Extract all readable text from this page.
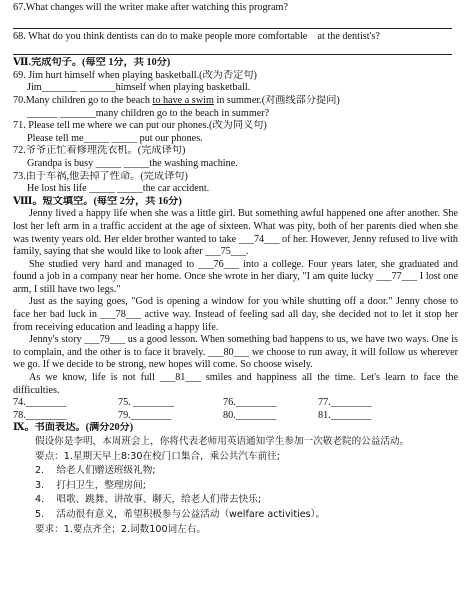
67.What changes will the writer make after watching this program?
68. What do you think dentists can do to make people more comfortable    at the dentist's?
Ⅶ.完成句子。(每空 1分，共 10分)
69. Jim hurt himself when playing basketball.(改为否定句)
Jim_______ _______himself when playing basketball.
70.Many children go to the beach to have a swim in summer.(对画线部分提问)
______ _______many children go to the beach in summer?
71. Please tell me where we can put our phones.(改为同义句)
Please tell me_____ _____ put our phones.
72.爷爷正忙着修理洗衣机。(完成译句)
Grandpa is busy _____ _____the washing machine.
73.由于车祸,他丢掉了性命。(完成译句)
He lost his life _____ _____the car accident.
Ⅷ。短文填空。(每空 2分，共 16分)

Jenny lived a happy life when she was a little girl. But something awful happened one after another. She lost her left arm in a traffic accident at the age of sixteen. What was pity, both of her parents died when she was twenty years old. Her elder brother wanted to take ___74___ of her. However, Jenny refused to live with family, saying that she would like to look after ___75___.

She studied very hard and managed to ___76___ into a college. Four years later, she graduated and found a job in a company near her home. Once she wrote in her diary, "I am quite lucky ___77___ I lost one arm, I still have two legs."

Just as the saying goes, "God is opening a window for you while shutting off a door." Jenny chose to face her bad luck in ___78___ active way. Instead of feeling sad all day, she decided not to let it stop her from receiving education and leading a happy life.

Jenny's story ___79___ us a good lesson. When something bad happens to us, we have two ways. One is to complain, and the other is to face it bravely. ___80___ we choose to run away, it will follow us wherever we go. If we decide to be strong, new hopes will come. So choose wisely.

As we know, life is not full ___81___ smiles and happiness all the time. Let's learn to face the difficulties.

74.________	75. ________	76.________	77.________
78.________	79.________	80.________	81.________
Ⅸ。书面表达。(满分20分)
假设你是李明，本周班会上，你将代表老师用英语通知学生参加一次敬老院的公益活动。
要点：1.星期天早上8:30在校门口集合，乘公共汽车前往;
2.    给老人们赠送班级礼物;
3.    打扫卫生，整理房间;
4.    唱歌、跳舞、讲故事、聊天，给老人们带去快乐;
5.    活动很有意义，希望积极参与公益活动（welfare activities）。
要求：1.要点齐全；2.词数100词左右。
